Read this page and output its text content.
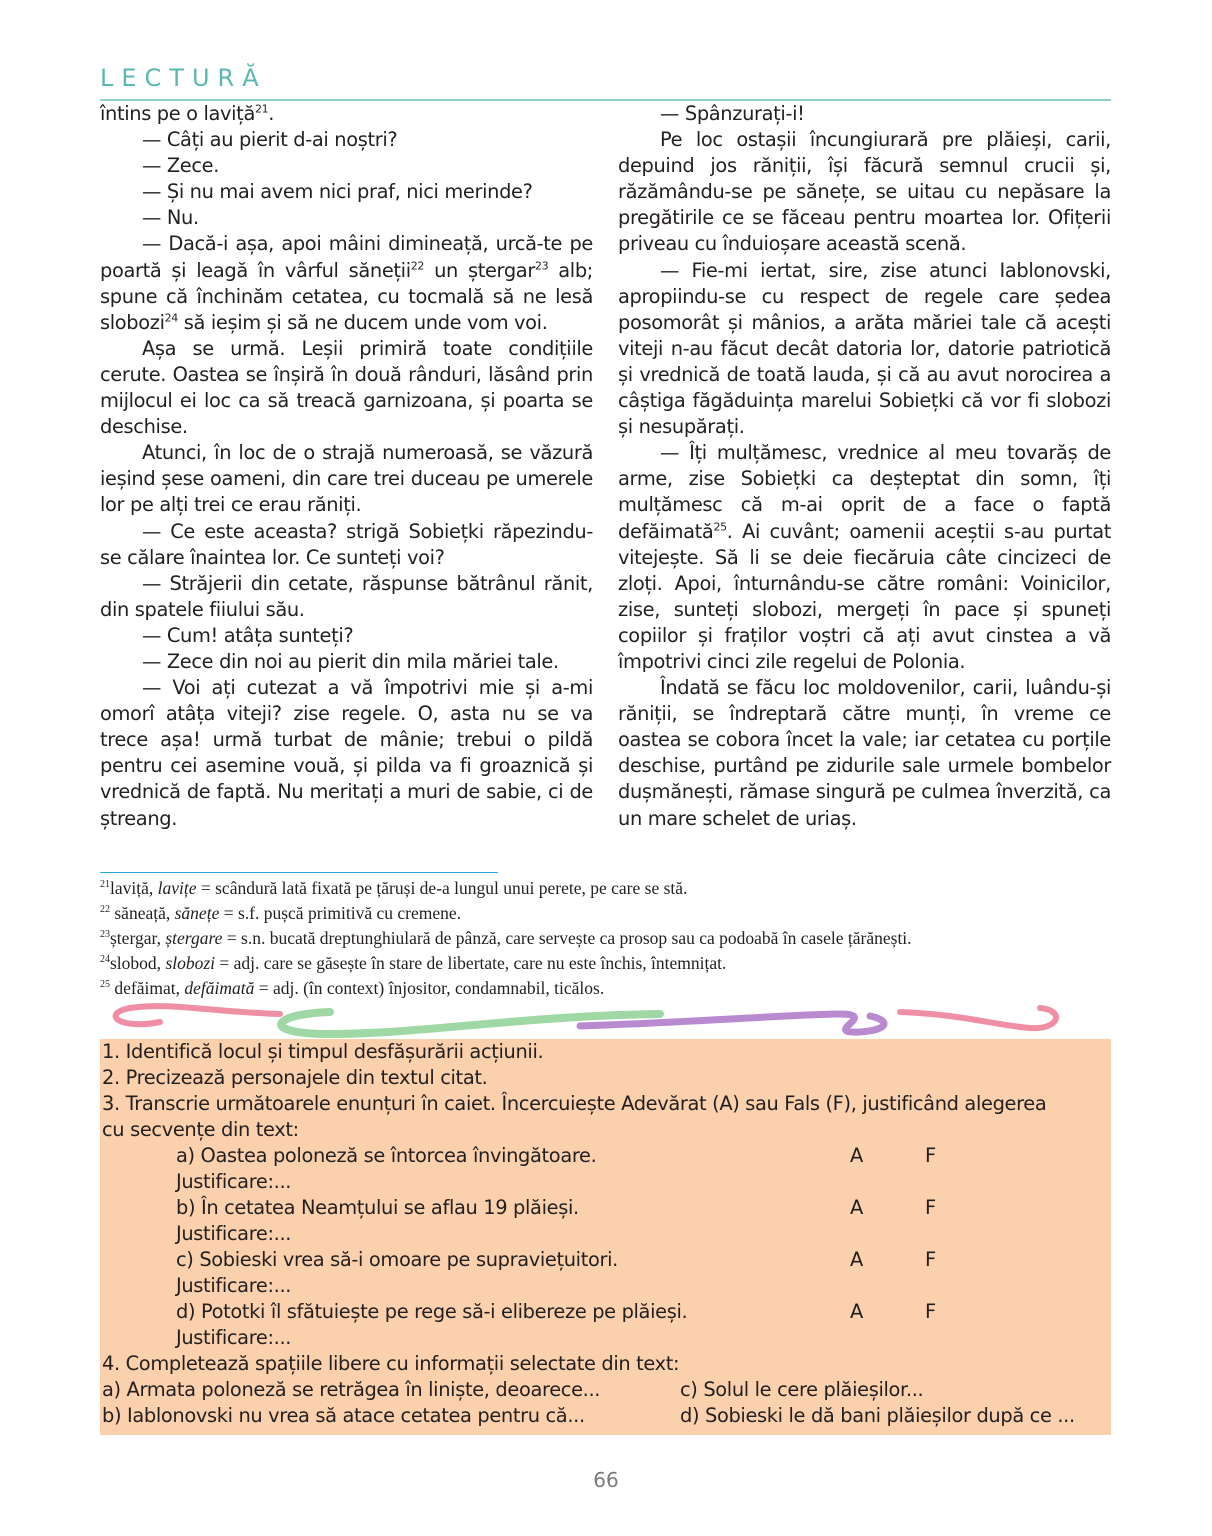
LECTURĂ

întins pe o laviță$^{21}$.

— Câți au pierit d-ai noștri?

— Zece.

— Și nu mai avem nici praf, nici merinde?

— Nu.

— Dacă-i așa, apoi mâini dimineață, urcă-te pe poartă și leagă în vârful săneții$^{22}$ un ștergar$^{23}$ alb; spune că închinăm cetatea, cu tocmală să ne lesă slobozi$^{24}$ să ieșim și să ne ducem unde vom voi.

Așa se urmă. Leșii primiră toate condițiile cerute. Oastea se înșiră în două rânduri, lăsând prin mijlocul ei loc ca să treacă garnizoana, și poarta se deschise.

Atunci, în loc de o strajă numeroasă, se văzură ieșind șese oameni, din care trei duceau pe umerele lor pe alți trei ce erau răniți.

— Ce este aceasta? strigă Sobiețki răpezindu-se călare înaintea lor. Ce sunteți voi?

— Străjerii din cetate, răspunse bătrânul rănit, din spatele fiiului său.

— Cum! atâța sunteți?

— Zece din noi au pierit din mila măriei tale.

— Voi ați cutezat a vă împotrivi mie și a-mi omorî atâța viteji? zise regele. O, asta nu se va trece așa! urmă turbat de mânie; trebui o pildă pentru cei asemine vouă, și pilda va fi groaznică și vrednică de faptă. Nu meritați a muri de sabie, ci de ștreang.

— Spânzurați-i!

Pe loc ostașii încungiurară pre plăieși, carii, depuind jos răniții, își făcură semnul crucii și, răzămându-se pe sănețe, se uitau cu nepăsare la pregătirile ce se făceau pentru moartea lor. Ofițerii priveau cu înduioșare această scenă.

— Fie-mi iertat, sire, zise atunci Iablonovski, apropiindu-se cu respect de regele care ședea posomorât și mânios, a arăta măriei tale că acești viteji n-au făcut decât datoria lor, datorie patriotică și vrednică de toată lauda, și că au avut norocirea a câștiga făgăduința marelui Sobiețki că vor fi slobozi și nesupărați.

— Îți mulțămesc, vrednice al meu tovarăș de arme, zise Sobiețki ca deșteptat din somn, îți mulțămesc că m-ai oprit de a face o faptă defăimată$^{25}$. Ai cuvânt; oamenii aceștii s-au purtat vitejește. Să li se deie fiecăruia câte cincizeci de zloți. Apoi, înturnându-se către români: Voinicilor, zise, sunteți slobozi, mergeți în pace și spuneți copiilor și fraților voștri că ați avut cinstea a vă împotrivi cinci zile regelui de Polonia.

Îndată se făcu loc moldovenilor, carii, luându-și răniții, se îndreptară către munți, în vreme ce oastea se cobora încet la vale; iar cetatea cu porțile deschise, purtând pe zidurile sale urmele bombelor dușmănești, rămase singură pe culmea înverzită, ca un mare schelet de uriaș.

$^{21}$laviță, lavițe = scândură lată fixată pe țăruși de-a lungul unui perete, pe care se stă.
$^{22}$ săneață, sănețe = s.f. pușcă primitivă cu cremene.
$^{23}$ștergar, ștergare = s.n. bucată dreptunghiulară de pânză, care servește ca prosop sau ca podoabă în casele țărănești.
$^{24}$slobod, slobozi = adj. care se găsește în stare de libertate, care nu este închis, întemnițat.
$^{25}$ defăimat, defăimată = adj. (în context) înjositor, condamnabil, ticălos.
1. Identifică locul și timpul desfășurării acțiunii.
2. Precizează personajele din textul citat.
3. Transcrie următoarele enunțuri în caiet. Încercuiește Adevărat (A) sau Fals (F), justificând alegerea
cu secvențe din text:
a) Oastea poloneză se întorcea învingătoare.	A	F
Justificare:...
b) În cetatea Neamțului se aflau 19 plăieși.	A	F
Justificare:...
c) Sobieski vrea să-i omoare pe supraviețuitori.	A	F
Justificare:...
d) Pototki îl sfătuiește pe rege să-i elibereze pe plăieși.	A	F
Justificare:...
4. Completează spațiile libere cu informații selectate din text:
a) Armata poloneză se retrăgea în liniște, deoarece...
b) Iablonovski nu vrea să atace cetatea pentru că...
c) Solul le cere plăieșilor...
d) Sobieski le dă bani plăieșilor după ce ...
66
